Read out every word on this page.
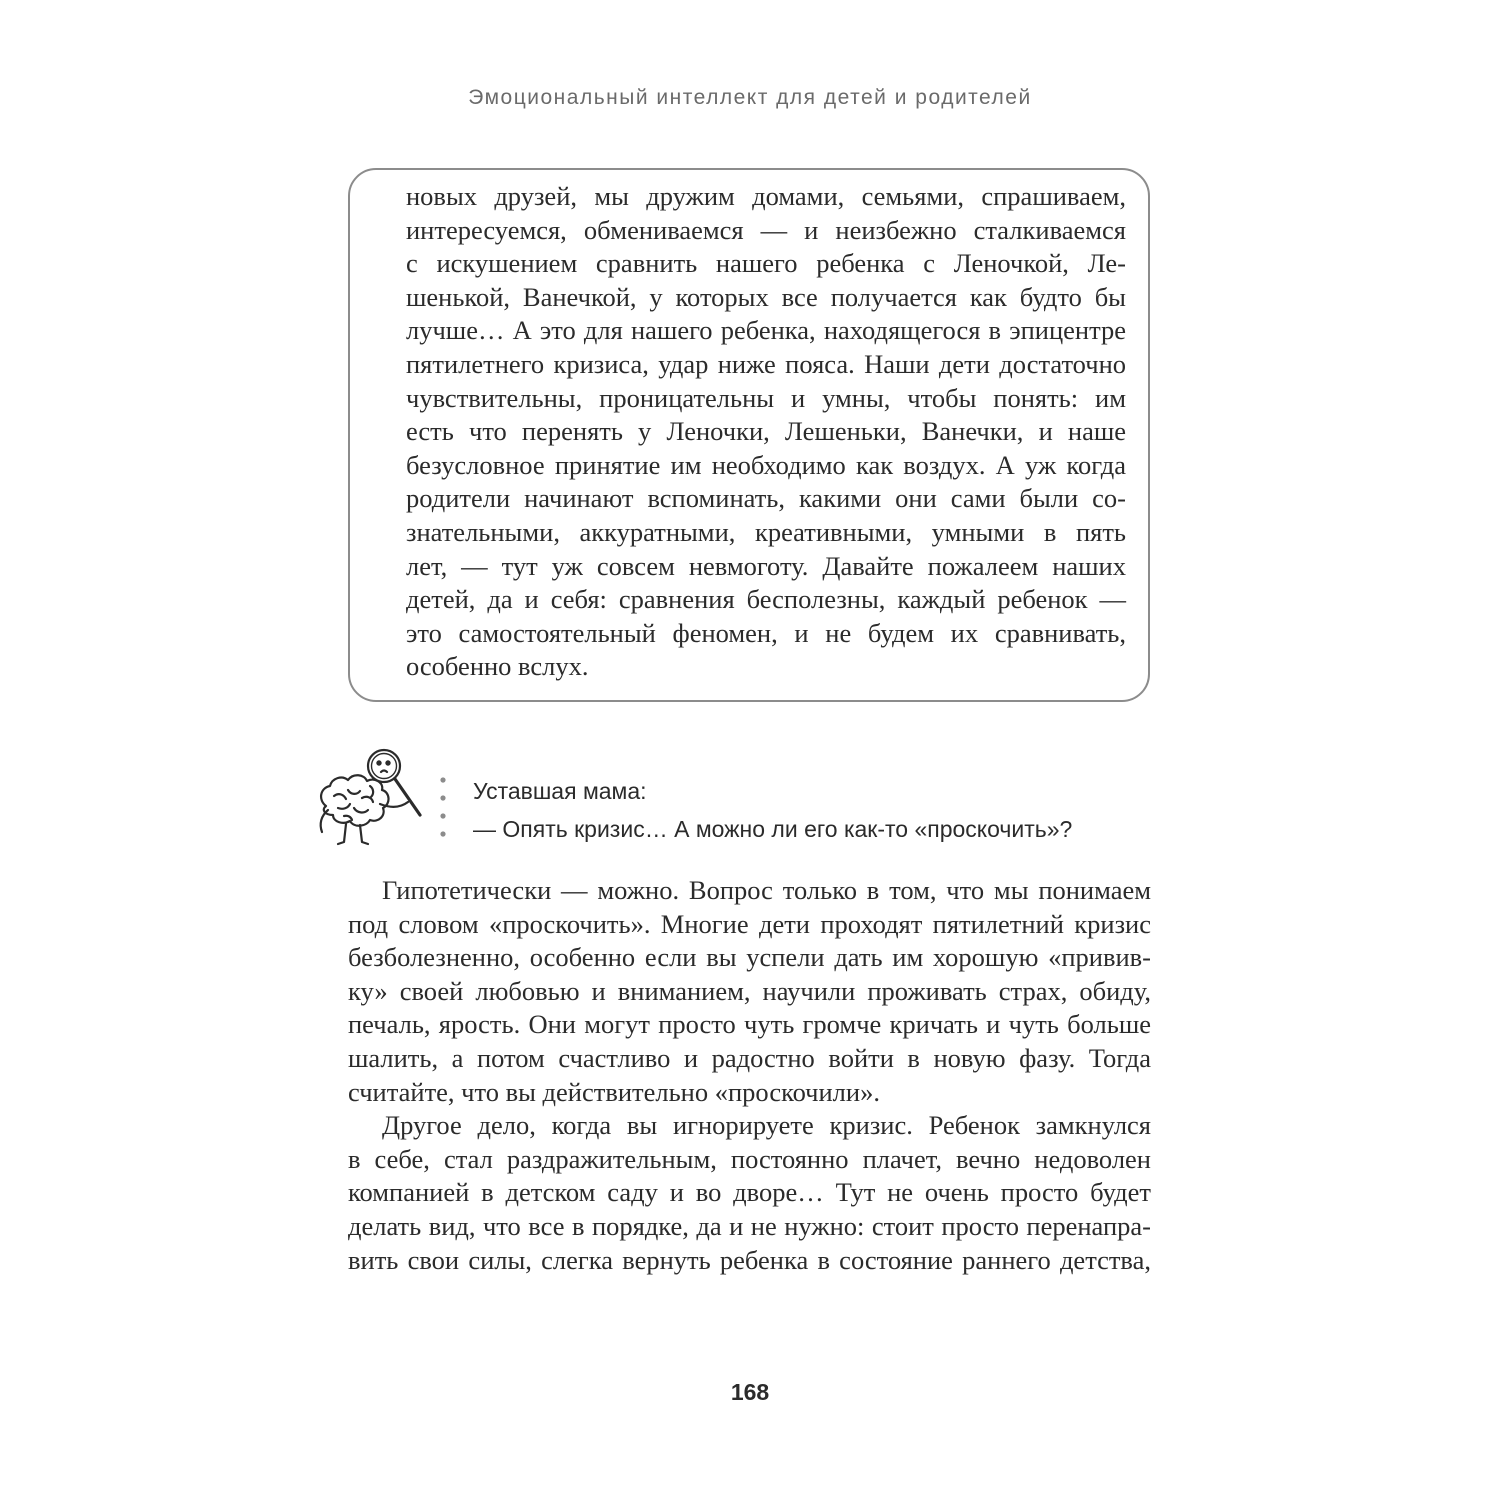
Эмоциональный интеллект для детей и родителей
новых друзей, мы дружим домами, семьями, спрашиваем,
интересуемся, обмениваемся — и неизбежно сталкиваемся
с искушением сравнить нашего ребенка с Леночкой, Ле-
шенькой, Ванечкой, у которых все получается как будто бы
лучше… А это для нашего ребенка, находящегося в эпицентре
пятилетнего кризиса, удар ниже пояса. Наши дети достаточно
чувствительны, проницательны и умны, чтобы понять: им
есть что перенять у Леночки, Лешеньки, Ванечки, и наше
безусловное принятие им необходимо как воздух. А уж когда
родители начинают вспоминать, какими они сами были со-
знательными, аккуратными, креативными, умными в пять
лет, — тут уж совсем невмоготу. Давайте пожалеем наших
детей, да и себя: сравнения бесполезны, каждый ребенок —
это самостоятельный феномен, и не будем их сравнивать,
особенно вслух.
Уставшая мама:
— Опять кризис… А можно ли его как-то «проскочить»?
Гипотетически — можно. Вопрос только в том, что мы понимаем
под словом «проскочить». Многие дети проходят пятилетний кризис
безболезненно, особенно если вы успели дать им хорошую «привив-
ку» своей любовью и вниманием, научили проживать страх, обиду,
печаль, ярость. Они могут просто чуть громче кричать и чуть больше
шалить, а потом счастливо и радостно войти в новую фазу. Тогда
считайте, что вы действительно «проскочили».
Другое дело, когда вы игнорируете кризис. Ребенок замкнулся
в себе, стал раздражительным, постоянно плачет, вечно недоволен
компанией в детском саду и во дворе… Тут не очень просто будет
делать вид, что все в порядке, да и не нужно: стоит просто перенапра-
вить свои силы, слегка вернуть ребенка в состояние раннего детства,
168
